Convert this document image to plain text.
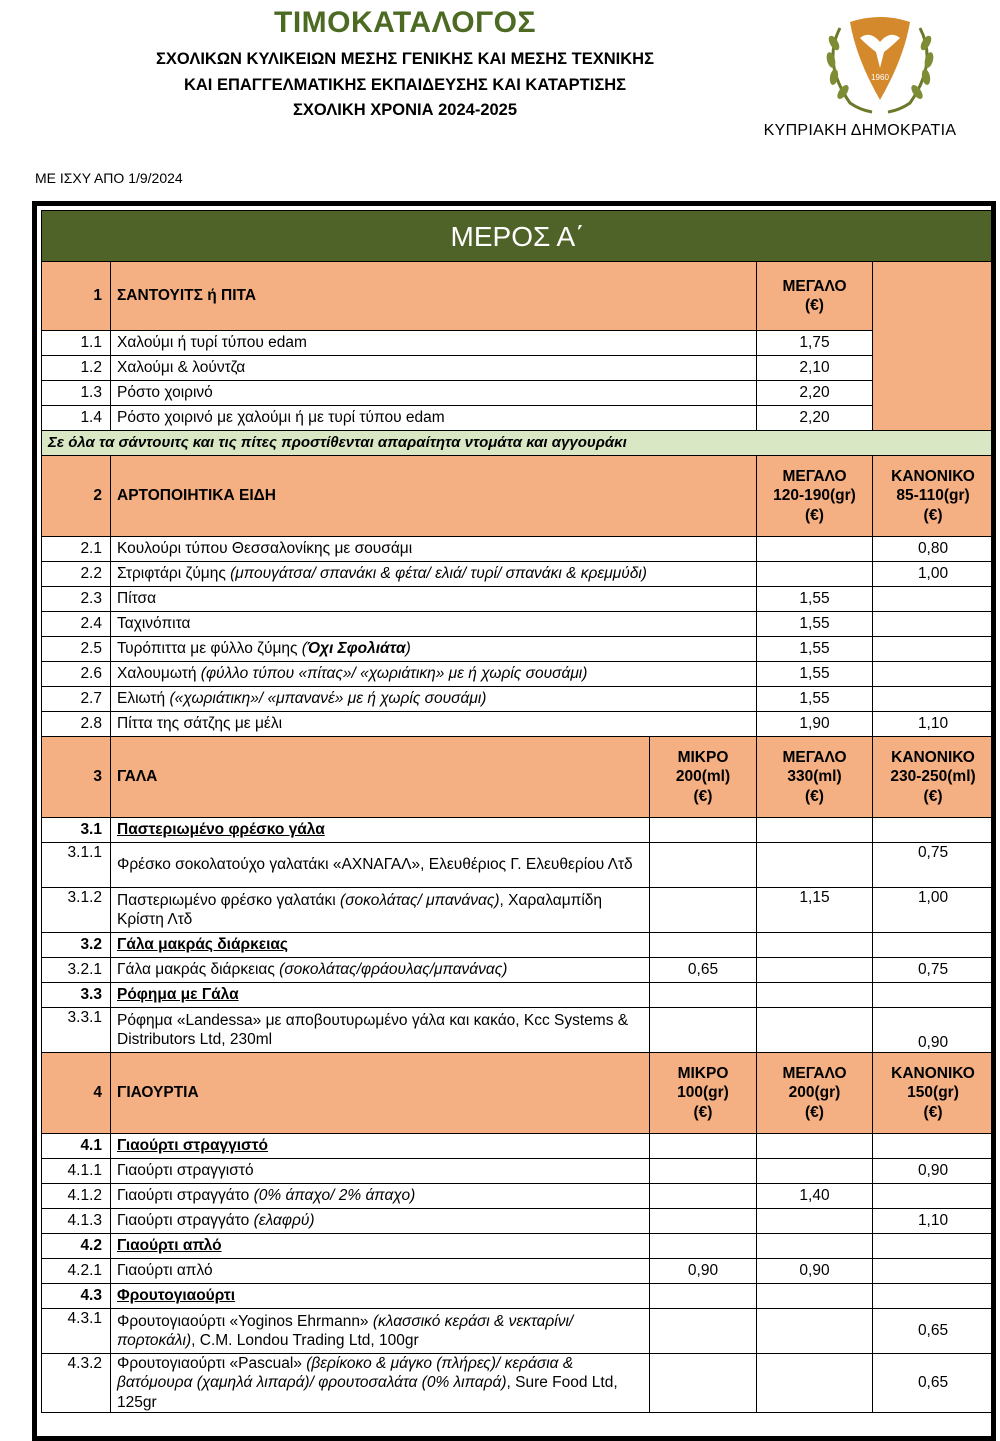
ΤΙΜΟΚΑΤΑΛΟΓΟΣ
ΣΧΟΛΙΚΩΝ ΚΥΛΙΚΕΙΩΝ ΜΕΣΗΣ ΓΕΝΙΚΗΣ ΚΑΙ ΜΕΣΗΣ ΤΕΧΝΙΚΗΣ
ΚΑΙ ΕΠΑΓΓΕΛΜΑΤΙΚΗΣ ΕΚΠΑΙΔΕΥΣΗΣ ΚΑΙ ΚΑΤΑΡΤΙΣΗΣ
ΣΧΟΛΙΚΗ ΧΡΟΝΙΑ 2024-2025
1960
ΚΥΠΡΙΑΚΗ ΔΗΜΟΚΡΑΤΙΑ
ΜΕ ΙΣΧΥ ΑΠΟ 1/9/2024
ΜΕΡΟΣ Α΄				
1	ΣΑΝΤΟΥΙΤΣ ή ΠΙΤΑ		ΜΕΓΑΛΟ
(€)	
1.1	Χαλούμι ή τυρί τύπου edam		1,75	
1.2	Χαλούμι & λούντζα		2,10	
1.3	Ρόστο χοιρινό		2,20	
1.4	Ρόστο χοιρινό με χαλούμι ή με τυρί τύπου edam		2,20	
Σε όλα τα σάντουιτς και τις πίτες προστίθενται απαραίτητα ντομάτα και αγγουράκι				
2	ΑΡΤΟΠΟΙΗΤΙΚΑ ΕΙΔΗ		ΜΕΓΑΛΟ
120-190(gr)
(€)	ΚΑΝΟΝΙΚΟ
85-110(gr)
(€)
2.1	Κουλούρι τύπου Θεσσαλονίκης με σουσάμι			0,80
2.2	Στριφτάρι ζύμης (μπουγάτσα/ σπανάκι & φέτα/ ελιά/ τυρί/ σπανάκι & κρεμμύδι)			1,00
2.3	Πίτσα		1,55	
2.4	Ταχινόπιτα		1,55	
2.5	Τυρόπιττα με φύλλο ζύμης (Όχι Σφολιάτα)		1,55	
2.6	Χαλουμωτή (φύλλο τύπου «πίτας»/ «χωριάτικη» με ή χωρίς σουσάμι)		1,55	
2.7	Ελιωτή («χωριάτικη»/ «μπανανέ» με ή χωρίς σουσάμι)		1,55	
2.8	Πίττα της σάτζης με μέλι		1,90	1,10
3	ΓΑΛΑ	ΜΙΚΡΟ
200(ml)
(€)	ΜΕΓΑΛΟ
330(ml)
(€)	ΚΑΝΟΝΙΚΟ
230-250(ml)
(€)
3.1	Παστεριωμένο φρέσκο γάλα			
3.1.1	Φρέσκο σοκολατούχο γαλατάκι «ΑΧΝΑΓΑΛ», Ελευθέριος Γ. Ελευθερίου Λτδ			0,75
3.1.2	Παστεριωμένο φρέσκο γαλατάκι (σοκολάτας/ μπανάνας), Χαραλαμπίδη Κρίστη Λτδ		1,15	1,00
3.2	Γάλα μακράς διάρκειας			
3.2.1	Γάλα μακράς διάρκειας (σοκολάτας/φράουλας/μπανάνας)	0,65		0,75
3.3	Ρόφημα με Γάλα			
3.3.1	Ρόφημα «Landessa» με αποβουτυρωμένο γάλα και κακάο, Kcc Systems & Distributors Ltd, 230ml			0,90
4	ΓΙΑΟΥΡΤΙΑ	ΜΙΚΡΟ
100(gr)
(€)	ΜΕΓΑΛΟ
200(gr)
(€)	ΚΑΝΟΝΙΚΟ
150(gr)
(€)
4.1	Γιαούρτι στραγγιστό			
4.1.1	Γιαούρτι στραγγιστό			0,90
4.1.2	Γιαούρτι στραγγάτο (0% άπαχο/ 2% άπαχο)		1,40	
4.1.3	Γιαούρτι στραγγάτο (ελαφρύ)			1,10
4.2	Γιαούρτι απλό			
4.2.1	Γιαούρτι απλό	0,90	0,90	
4.3	Φρουτογιαούρτι			
4.3.1	Φρουτογιαούρτι «Yoginos Ehrmann» (κλασσικό κεράσι & νεκταρίνι/ πορτοκάλι), C.M. Londou Trading Ltd, 100gr			0,65
4.3.2	Φρουτογιαούρτι «Pascual» (βερίκοκο & μάγκο (πλήρες)/ κεράσια & βατόμουρα (χαμηλά λιπαρά)/ φρουτοσαλάτα (0% λιπαρά), Sure Food Ltd, 125gr			0,65
